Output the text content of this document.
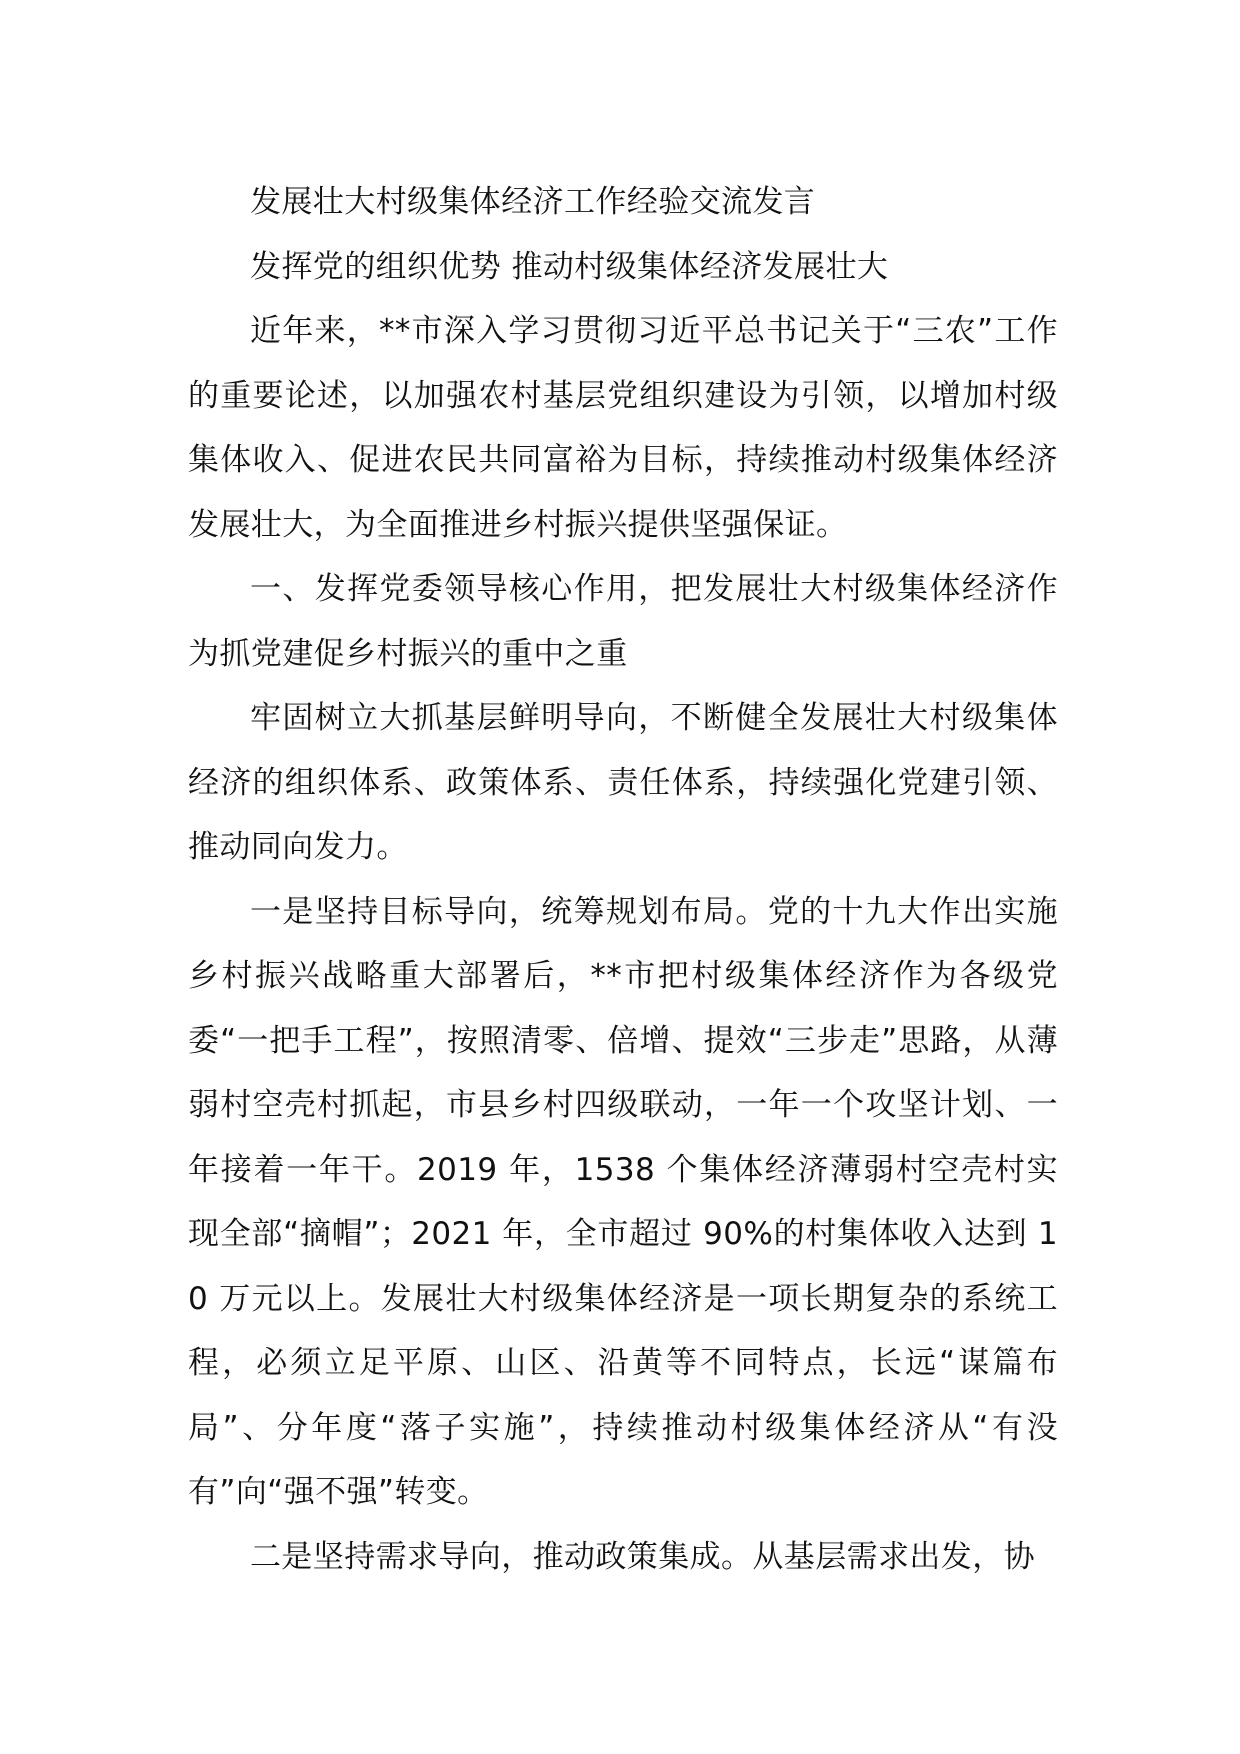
发展壮大村级集体经济工作经验交流发言

发挥党的组织优势 推动村级集体经济发展壮大

近年来，**市深入学习贯彻习近平总书记关于“三农”工作的重要论述，以加强农村基层党组织建设为引领，以增加村级集体收入、促进农民共同富裕为目标，持续推动村级集体经济发展壮大，为全面推进乡村振兴提供坚强保证。

一、发挥党委领导核心作用，把发展壮大村级集体经济作为抓党建促乡村振兴的重中之重

牢固树立大抓基层鲜明导向，不断健全发展壮大村级集体经济的组织体系、政策体系、责任体系，持续强化党建引领、推动同向发力。

一是坚持目标导向，统筹规划布局。党的十九大作出实施乡村振兴战略重大部署后，**市把村级集体经济作为各级党委“一把手工程”，按照清零、倍增、提效“三步走”思路，从薄弱村空壳村抓起，市县乡村四级联动，一年一个攻坚计划、一年接着一年干。2019 年，1538 个集体经济薄弱村空壳村实现全部“摘帽”；2021 年，全市超过 90%的村集体收入达到 10 万元以上。发展壮大村级集体经济是一项长期复杂的系统工程，必须立足平原、山区、沿黄等不同特点，长远“谋篇布局”、分年度“落子实施”，持续推动村级集体经济从“有没有”向“强不强”转变。

二是坚持需求导向，推动政策集成。从基层需求出发，协
